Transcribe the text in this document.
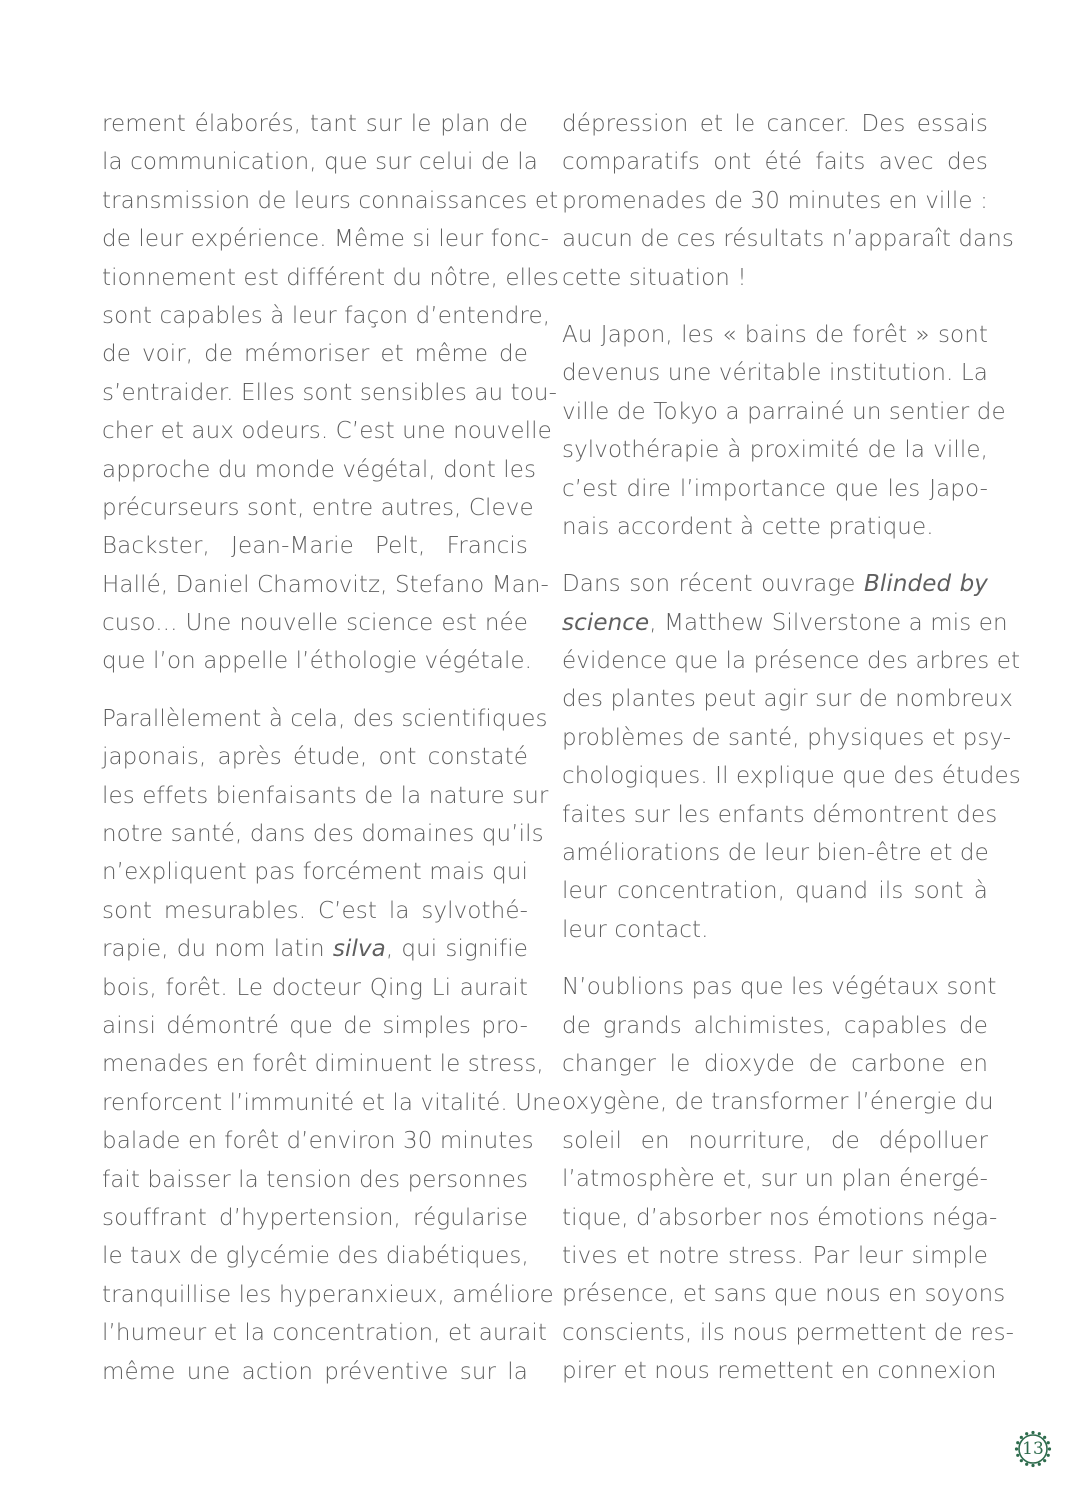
rement élaborés, tant sur le plan de
la communication, que sur celui de la
transmission de leurs connaissances et
de leur expérience. Même si leur fonc-
tionnement est différent du nôtre, elles
sont capables à leur façon d’entendre,
de voir, de mémoriser et même de
s’entraider. Elles sont sensibles au tou-
cher et aux odeurs. C’est une nouvelle
approche du monde végétal, dont les
précurseurs sont, entre autres, Cleve
Backster, Jean-Marie Pelt, Francis
Hallé, Daniel Chamovitz, Stefano Man-
cuso... Une nouvelle science est née
que l’on appelle l’éthologie végétale.
Parallèlement à cela, des scientifiques
japonais, après étude, ont constaté
les effets bienfaisants de la nature sur
notre santé, dans des domaines qu’ils
n’expliquent pas forcément mais qui
sont mesurables. C’est la sylvothé-
rapie, du nom latin silva, qui signifie
bois, forêt. Le docteur Qing Li aurait
ainsi démontré que de simples pro-
menades en forêt diminuent le stress,
renforcent l’immunité et la vitalité. Une
balade en forêt d’environ 30 minutes
fait baisser la tension des personnes
souffrant d’hypertension, régularise
le taux de glycémie des diabétiques,
tranquillise les hyperanxieux, améliore
l’humeur et la concentration, et aurait
même une action préventive sur la
dépression et le cancer. Des essais
comparatifs ont été faits avec des
promenades de 30 minutes en ville :
aucun de ces résultats n’apparaît dans
cette situation !
Au Japon, les « bains de forêt » sont
devenus une véritable institution. La
ville de Tokyo a parrainé un sentier de
sylvothérapie à proximité de la ville,
c’est dire l’importance que les Japo-
nais accordent à cette pratique.
Dans son récent ouvrage Blinded by
science, Matthew Silverstone a mis en
évidence que la présence des arbres et
des plantes peut agir sur de nombreux
problèmes de santé, physiques et psy-
chologiques. Il explique que des études
faites sur les enfants démontrent des
améliorations de leur bien-être et de
leur concentration, quand ils sont à
leur contact.
N’oublions pas que les végétaux sont
de grands alchimistes, capables de
changer le dioxyde de carbone en
oxygène, de transformer l’énergie du
soleil en nourriture, de dépolluer
l’atmosphère et, sur un plan énergé-
tique, d’absorber nos émotions néga-
tives et notre stress. Par leur simple
présence, et sans que nous en soyons
conscients, ils nous permettent de res-
pirer et nous remettent en connexion
13
